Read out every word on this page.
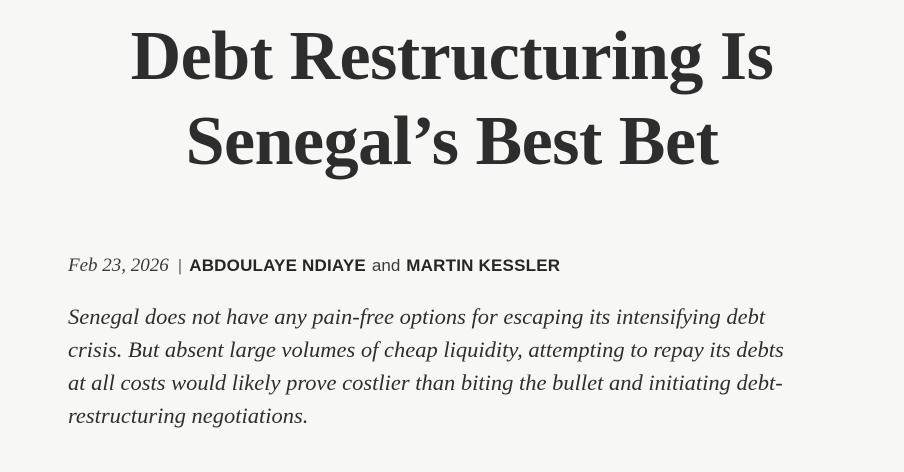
Debt Restructuring Is Senegal’s Best Bet
Feb 23, 2026 | ABDOULAYE NDIAYE and MARTIN KESSLER

Senegal does not have any pain-free options for escaping its intensifying debt crisis. But absent large volumes of cheap liquidity, attempting to repay its debts at all costs would likely prove costlier than biting the bullet and initiating debt-restructuring negotiations.
